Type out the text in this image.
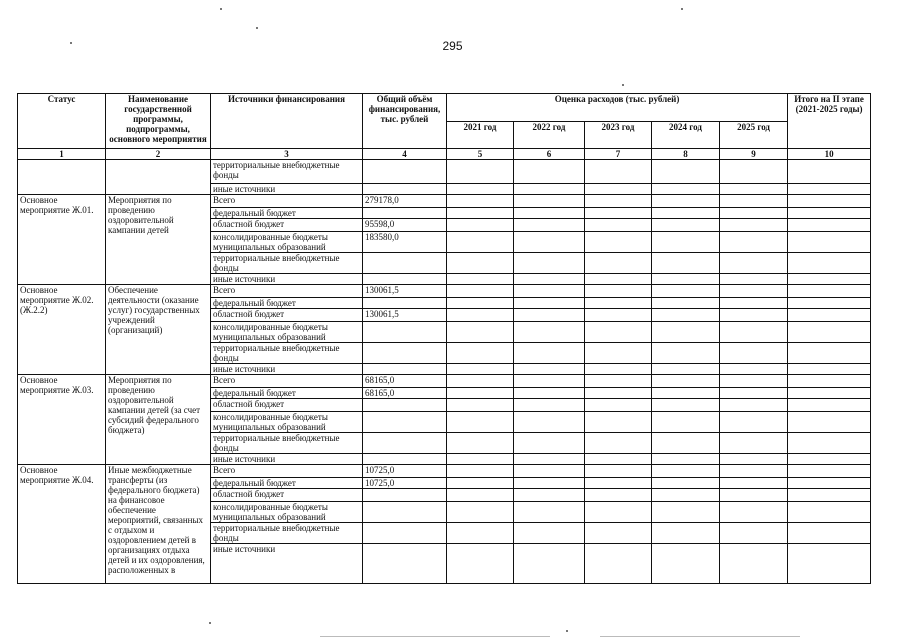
295
Статус	Наименование государственной программы, подпрограммы, основного мероприятия	Источники финансирования	Общий объём финансирования, тыс. рублей	Оценка расходов (тыс. рублей)					Итого на II этапе (2021-2025 годы)
				2021 год	2022 год	2023 год	2024 год	2025 год	
1	2	3	4	5	6	7	8	9	10
		территориальные внебюджетные фонды							
		иные источники							
Основное мероприятие Ж.01.	Мероприятия по проведению оздоровительной кампании детей	Всего	279178,0						
		федеральный бюджет							
		областной бюджет	95598,0						
		консолидированные бюджеты муниципальных образований	183580,0						
		территориальные внебюджетные фонды							
		иные источники							
Основное мероприятие Ж.02. (Ж.2.2)	Обеспечение деятельности (оказание услуг) государственных учреждений (организаций)	Всего	130061,5						
		федеральный бюджет							
		областной бюджет	130061,5						
		консолидированные бюджеты муниципальных образований							
		территориальные внебюджетные фонды							
		иные источники							
Основное мероприятие Ж.03.	Мероприятия по проведению оздоровительной кампании детей (за счет субсидий федерального бюджета)	Всего	68165,0						
		федеральный бюджет	68165,0						
		областной бюджет							
		консолидированные бюджеты муниципальных образований							
		территориальные внебюджетные фонды							
		иные источники							
Основное мероприятие Ж.04.	Иные межбюджетные трансферты (из федерального бюджета) на финансовое обеспечение мероприятий, связанных с отдыхом и оздоровлением детей в организациях отдыха детей и их оздоровления, расположенных в	Всего	10725,0						
		федеральный бюджет	10725,0						
		областной бюджет							
		консолидированные бюджеты муниципальных образований							
		территориальные внебюджетные фонды							
		иные источники							
